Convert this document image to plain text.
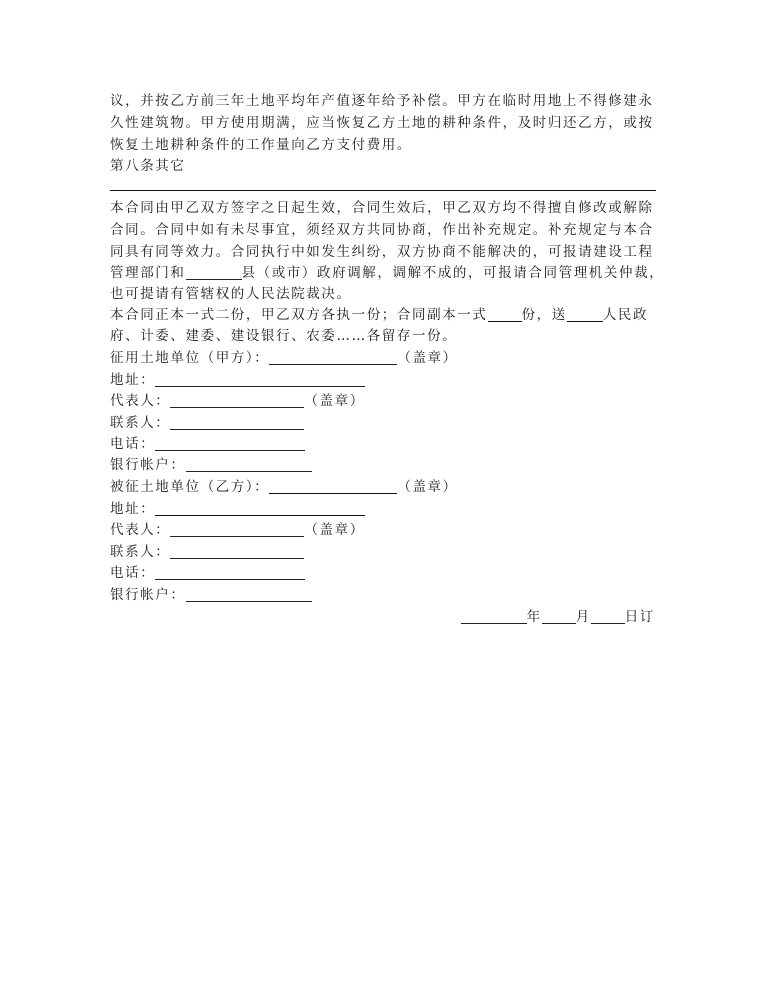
议，并按乙方前三年土地平均年产值逐年给予补偿。甲方在临时用地上不得修建永
久性建筑物。甲方使用期满，应当恢复乙方土地的耕种条件，及时归还乙方，或按
恢复土地耕种条件的工作量向乙方支付费用。
第八条其它
本合同由甲乙双方签字之日起生效，合同生效后，甲乙双方均不得擅自修改或解除
合同。合同中如有未尽事宜，须经双方共同协商，作出补充规定。补充规定与本合
同具有同等效力。合同执行中如发生纠纷，双方协商不能解决的，可报请建设工程
管理部门和	县（或市）政府调解，调解不成的，可报请合同管理机关仲裁，
也可提请有管辖权的人民法院裁决。
本合同正本一式二份，甲乙双方各执一份；合同副本一式	份，送	人民政
府、计委、建委、建设银行、农委……各留存一份。
征用土地单位（甲方）：	（盖章）
地址：
代表人：	（盖章）
联系人：
电话：
银行帐户：
被征土地单位（乙方）：	（盖章）
地址：
代表人：	（盖章）
联系人：
电话：
银行帐户：
年	月	日订
